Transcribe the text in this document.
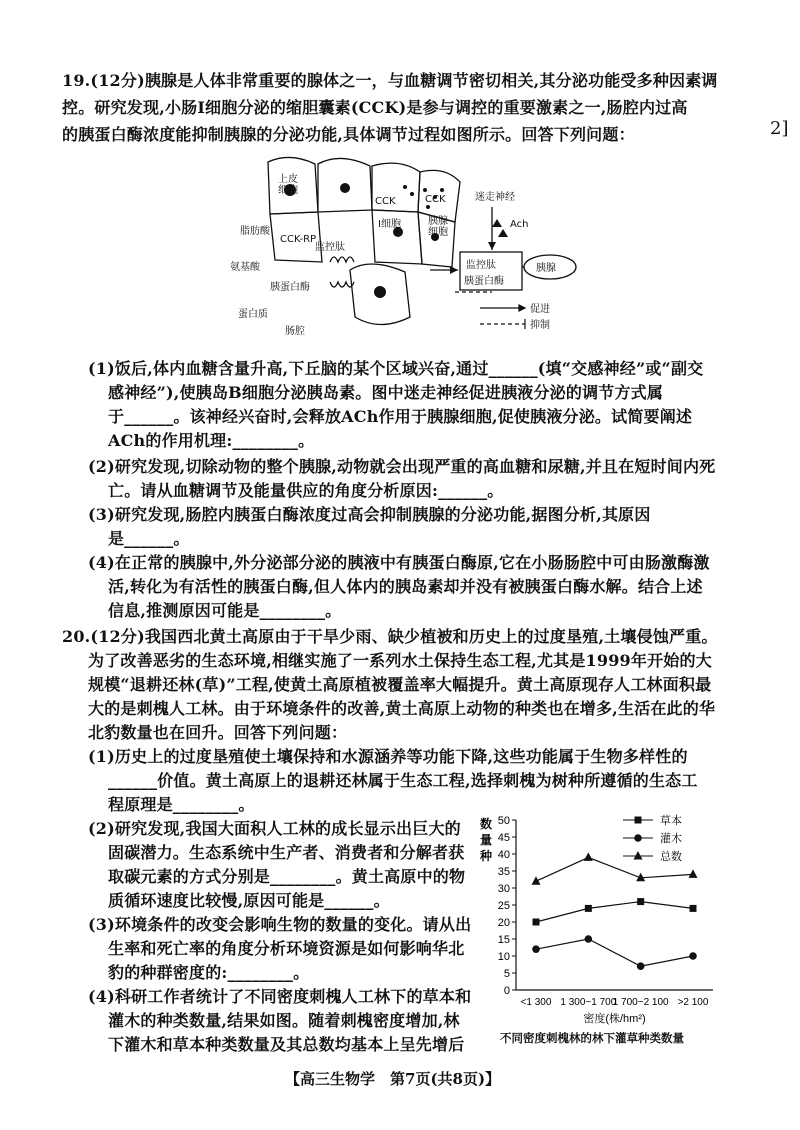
19.(12分)胰腺是人体非常重要的腺体之一，与血糖调节密切相关,其分泌功能受多种因素调
控。研究发现,小肠Ⅰ细胞分泌的缩胆囊素(CCK)是参与调控的重要激素之一,肠腔内过高
的胰蛋白酶浓度能抑制胰腺的分泌功能,具体调节过程如图所示。回答下列问题：	2]
上皮细胞
脂肪酸
CCK-RP
氨基酸
监控肽
胰蛋白酶
蛋白质
肠腔
CCK	CCK
I细胞	胰腺细胞
迷走神经
Ach
监控肽
胰蛋白酶
胰腺
促进
抑制
(1)饭后,体内血糖含量升高,下丘脑的某个区域兴奋,通过______(填“交感神经”或“副交
感神经”),使胰岛B细胞分泌胰岛素。图中迷走神经促进胰液分泌的调节方式属
于______。该神经兴奋时,会释放ACh作用于胰腺细胞,促使胰液分泌。试简要阐述
ACh的作用机理:________。
(2)研究发现,切除动物的整个胰腺,动物就会出现严重的高血糖和尿糖,并且在短时间内死
亡。请从血糖调节及能量供应的角度分析原因:______。
(3)研究发现,肠腔内胰蛋白酶浓度过高会抑制胰腺的分泌功能,据图分析,其原因
是______。
(4)在正常的胰腺中,外分泌部分泌的胰液中有胰蛋白酶原,它在小肠肠腔中可由肠激酶激
活,转化为有活性的胰蛋白酶,但人体内的胰岛素却并没有被胰蛋白酶水解。结合上述
信息,推测原因可能是________。
20.(12分)我国西北黄土高原由于干旱少雨、缺少植被和历史上的过度垦殖,土壤侵蚀严重。
为了改善恶劣的生态环境,相继实施了一系列水土保持生态工程,尤其是1999年开始的大
规模“退耕还林(草)”工程,使黄土高原植被覆盖率大幅提升。黄土高原现存人工林面积最
大的是刺槐人工林。由于环境条件的改善,黄土高原上动物的种类也在增多,生活在此的华
北豹数量也在回升。回答下列问题：
(1)历史上的过度垦殖使土壤保持和水源涵养等功能下降,这些功能属于生物多样性的
______价值。黄土高原上的退耕还林属于生态工程,选择刺槐为树种所遵循的生态工
程原理是________。
(2)研究发现,我国大面积人工林的成长显示出巨大的
固碳潜力。生态系统中生产者、消费者和分解者获
取碳元素的方式分别是________。黄土高原中的物
质循环速度比较慢,原因可能是______。
(3)环境条件的改变会影响生物的数量的变化。请从出
生率和死亡率的角度分析环境资源是如何影响华北
豹的种群密度的:________。
(4)科研工作者统计了不同密度刺槐人工林下的草本和
灌木的种类数量,结果如图。随着刺槐密度增加,林
下灌木和草本种类数量及其总数均基本上呈先增后
0
5
10
15
20
25
30
35
40
45
50
数量种
<1 300 1 300~1 700
1 700~2 100 >2 100
密度(株/hm²)
草本
灌木
总数
不同密度刺槐林的林下灌草种类数量
【高三生物学　第7页(共8页)】
